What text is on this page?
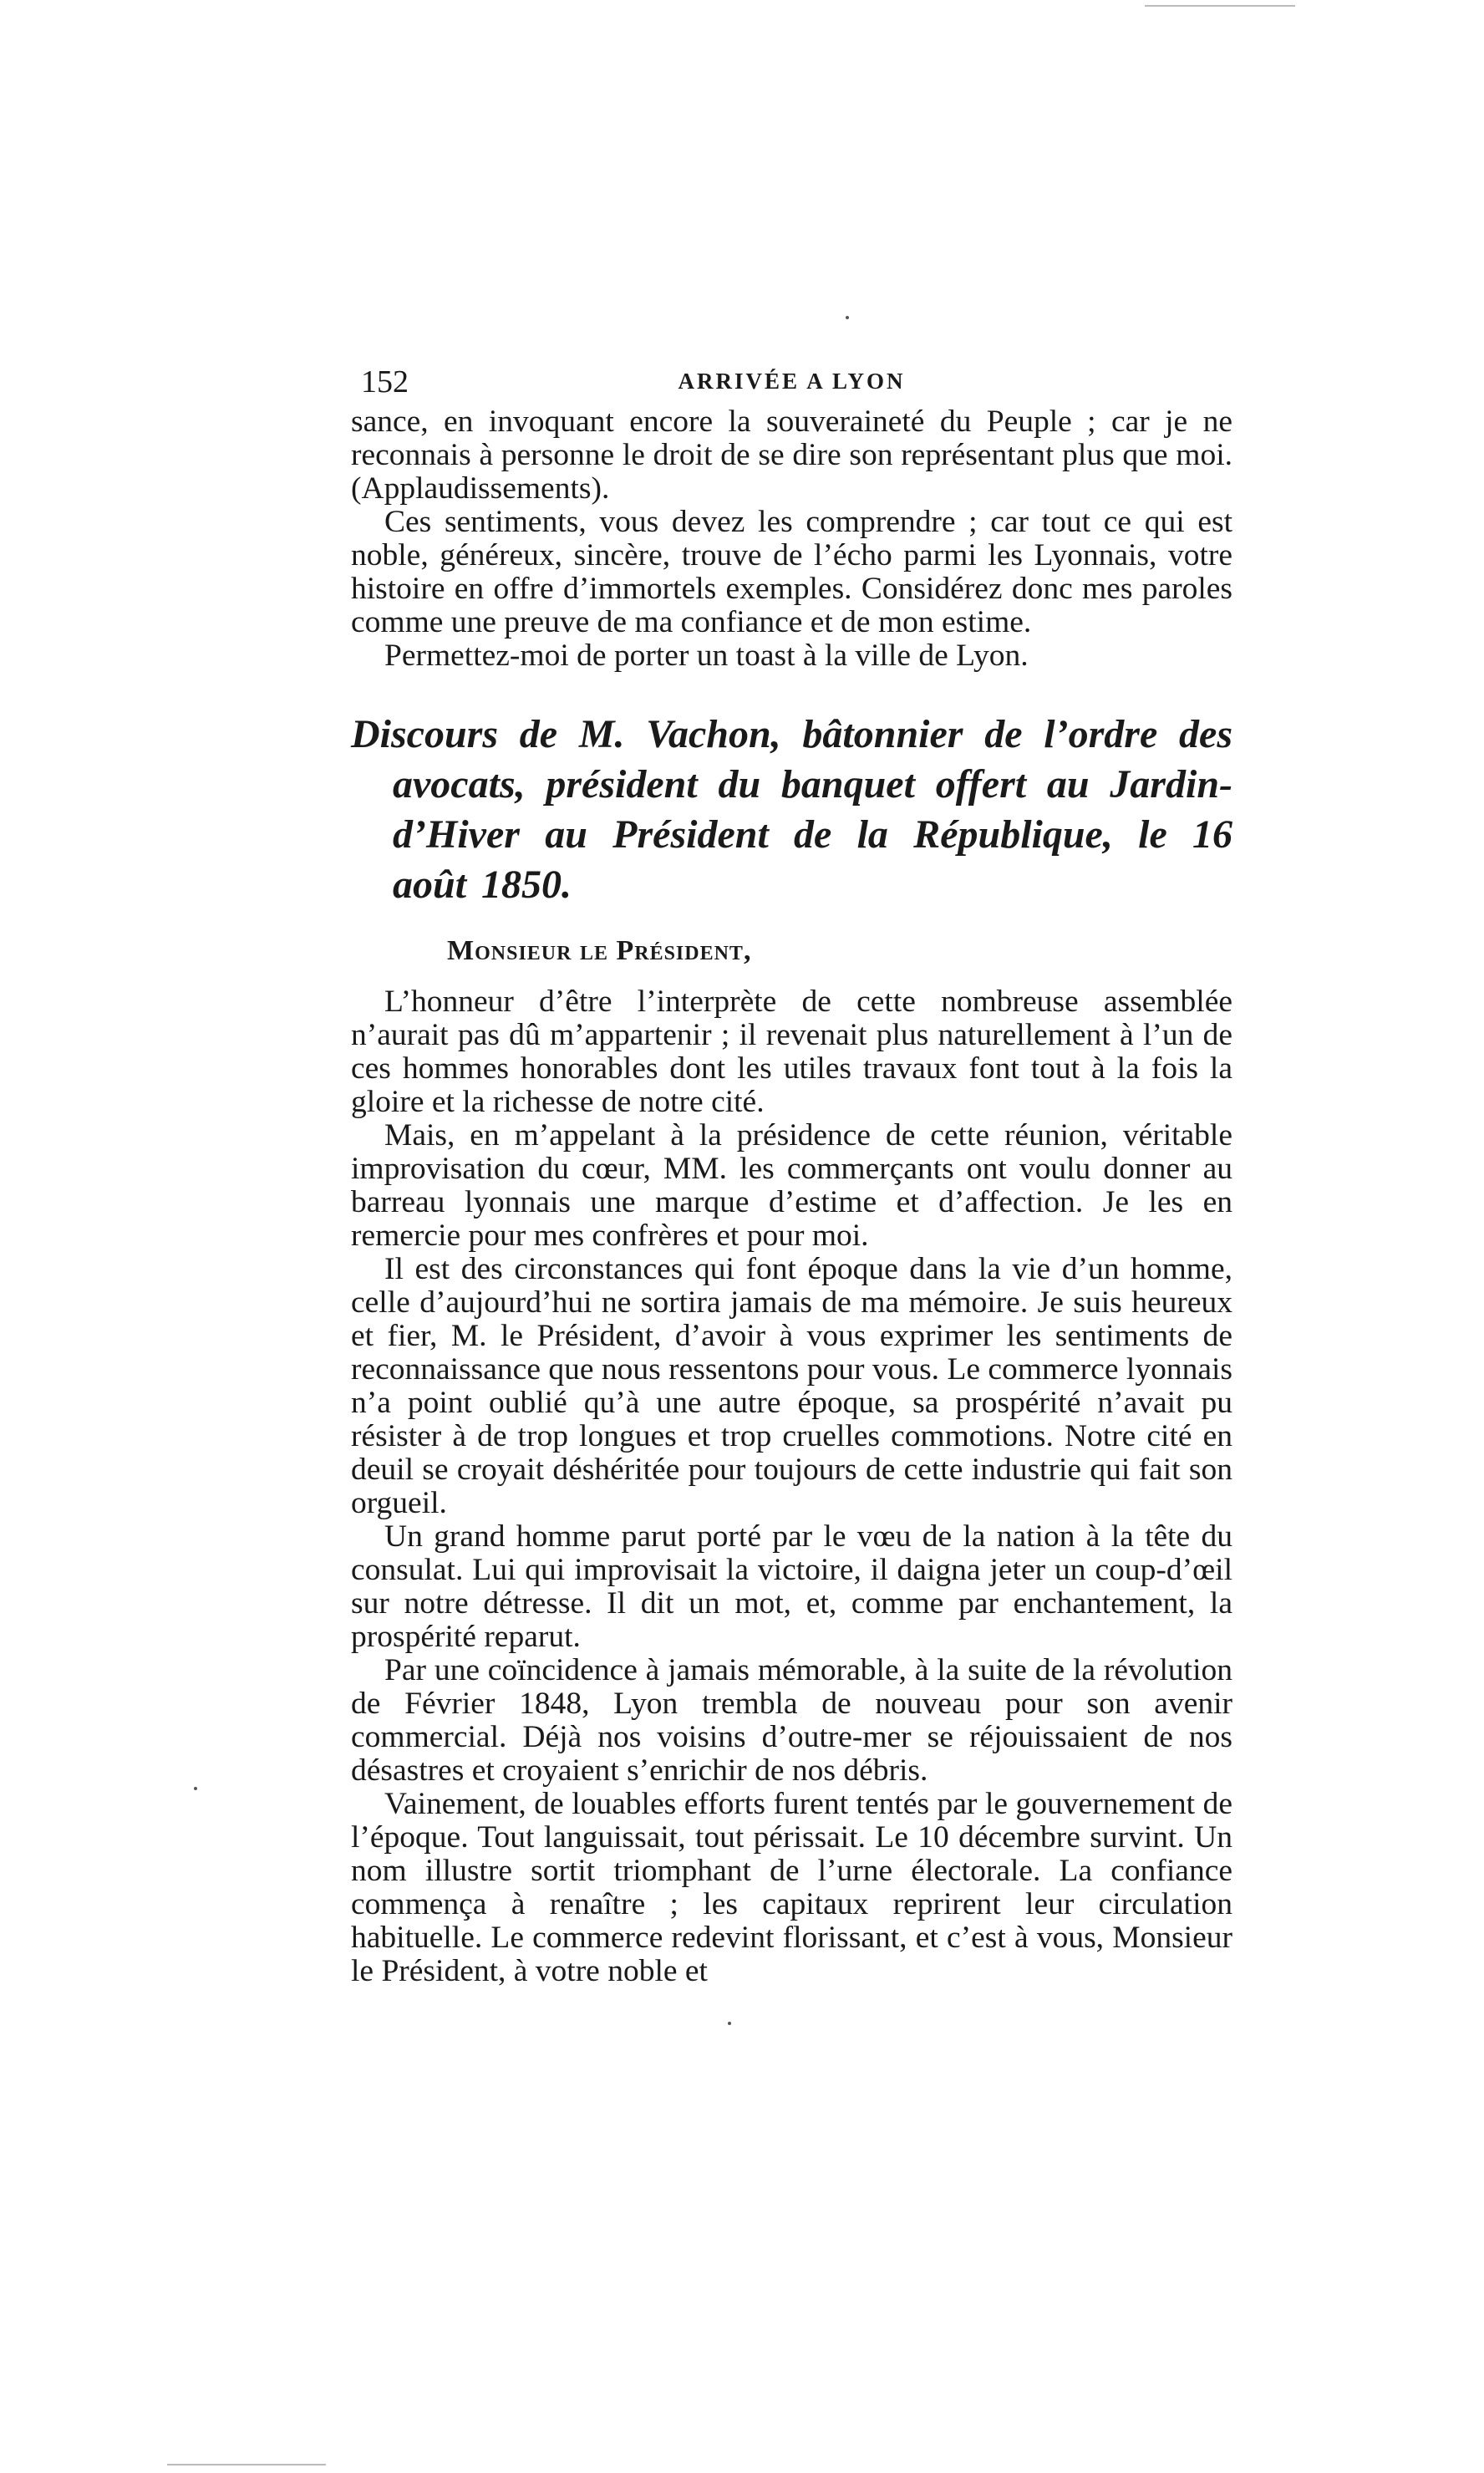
152	ARRIVÉE A LYON

sance, en invoquant encore la souveraineté du Peuple ; car je ne reconnais à personne le droit de se dire son représentant plus que moi. (Applaudissements).

Ces sentiments, vous devez les comprendre ; car tout ce qui est noble, généreux, sincère, trouve de l’écho parmi les Lyonnais, votre histoire en offre d’immortels exemples. Considérez donc mes paroles comme une preuve de ma confiance et de mon estime.

Permettez-moi de porter un toast à la ville de Lyon.

Discours de M. Vachon, bâtonnier de l’ordre des avocats, président du banquet offert au Jardin-d’Hiver au Président de la République, le 16 août 1850.
Monsieur le Président,

L’honneur d’être l’interprète de cette nombreuse assemblée n’aurait pas dû m’appartenir ; il revenait plus naturellement à l’un de ces hommes honorables dont les utiles travaux font tout à la fois la gloire et la richesse de notre cité.

Mais, en m’appelant à la présidence de cette réunion, véritable improvisation du cœur, MM. les commerçants ont voulu donner au barreau lyonnais une marque d’estime et d’affection. Je les en remercie pour mes confrères et pour moi.

Il est des circonstances qui font époque dans la vie d’un homme, celle d’aujourd’hui ne sortira jamais de ma mémoire. Je suis heureux et fier, M. le Président, d’avoir à vous exprimer les sentiments de reconnaissance que nous ressentons pour vous. Le commerce lyonnais n’a point oublié qu’à une autre époque, sa prospérité n’avait pu résister à de trop longues et trop cruelles commotions. Notre cité en deuil se croyait déshéritée pour toujours de cette industrie qui fait son orgueil.

Un grand homme parut porté par le vœu de la nation à la tête du consulat. Lui qui improvisait la victoire, il daigna jeter un coup-d’œil sur notre détresse. Il dit un mot, et, comme par enchantement, la prospérité reparut.

Par une coïncidence à jamais mémorable, à la suite de la révolution de Février 1848, Lyon trembla de nouveau pour son avenir commercial. Déjà nos voisins d’outre-mer se réjouissaient de nos désastres et croyaient s’enrichir de nos débris.

Vainement, de louables efforts furent tentés par le gouvernement de l’époque. Tout languissait, tout périssait. Le 10 décembre survint. Un nom illustre sortit triomphant de l’urne électorale. La confiance commença à renaître ; les capitaux reprirent leur circulation habituelle. Le commerce redevint florissant, et c’est à vous, Monsieur le Président, à votre noble et
